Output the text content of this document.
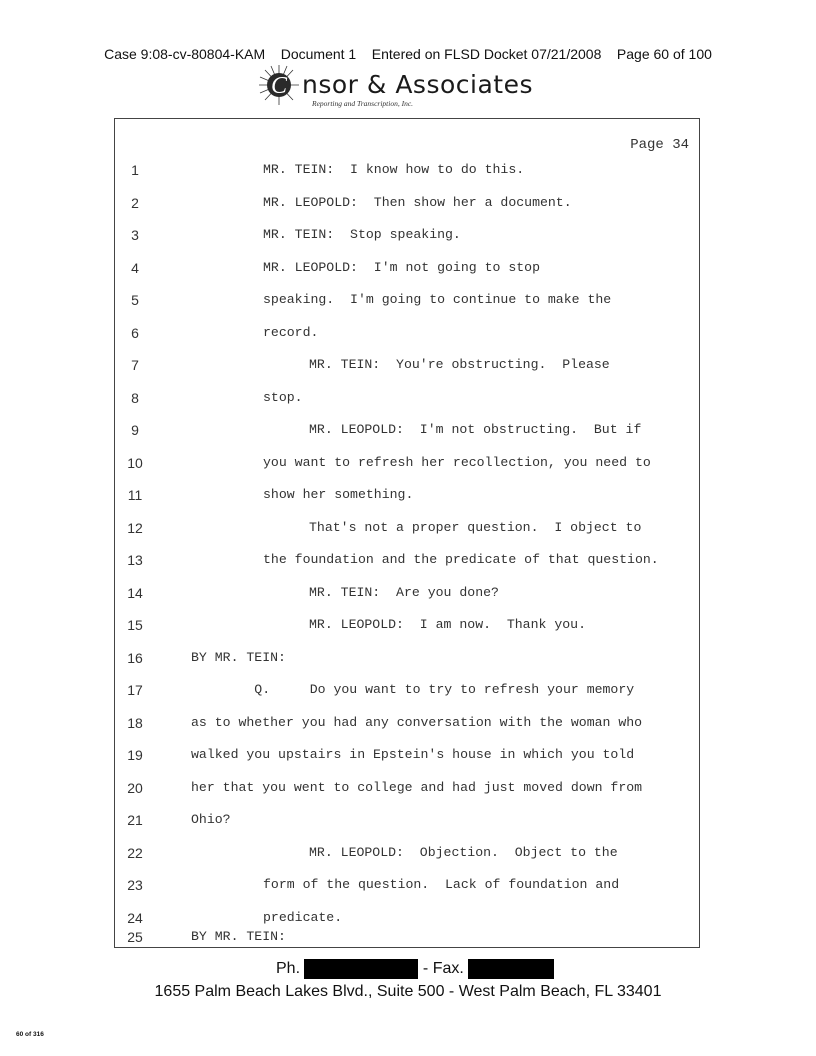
Case 9:08-cv-80804-KAM    Document 1    Entered on FLSD Docket 07/21/2008    Page 60 of 100
C nsor & Associates
Reporting and Transcription, Inc.
Page 34
1	MR. TEIN:  I know how to do this.
2	MR. LEOPOLD:  Then show her a document.
3	MR. TEIN:  Stop speaking.
4	MR. LEOPOLD:  I'm not going to stop
5	speaking.  I'm going to continue to make the
6	record.
7	MR. TEIN:  You're obstructing.  Please
8	stop.
9	MR. LEOPOLD:  I'm not obstructing.  But if
10	you want to refresh her recollection, you need to
11	show her something.
12	That's not a proper question.  I object to
13	the foundation and the predicate of that question.
14	MR. TEIN:  Are you done?
15	MR. LEOPOLD:  I am now.  Thank you.
16	BY MR. TEIN:
17	Q.     Do you want to try to refresh your memory
18	as to whether you had any conversation with the woman who
19	walked you upstairs in Epstein's house in which you told
20	her that you went to college and had just moved down from
21	Ohio?
22	MR. LEOPOLD:  Objection.  Object to the
23	form of the question.  Lack of foundation and
24	predicate.
25	BY MR. TEIN:
Ph.	- Fax.
1655 Palm Beach Lakes Blvd., Suite 500 - West Palm Beach, FL 33401
60 of 316
